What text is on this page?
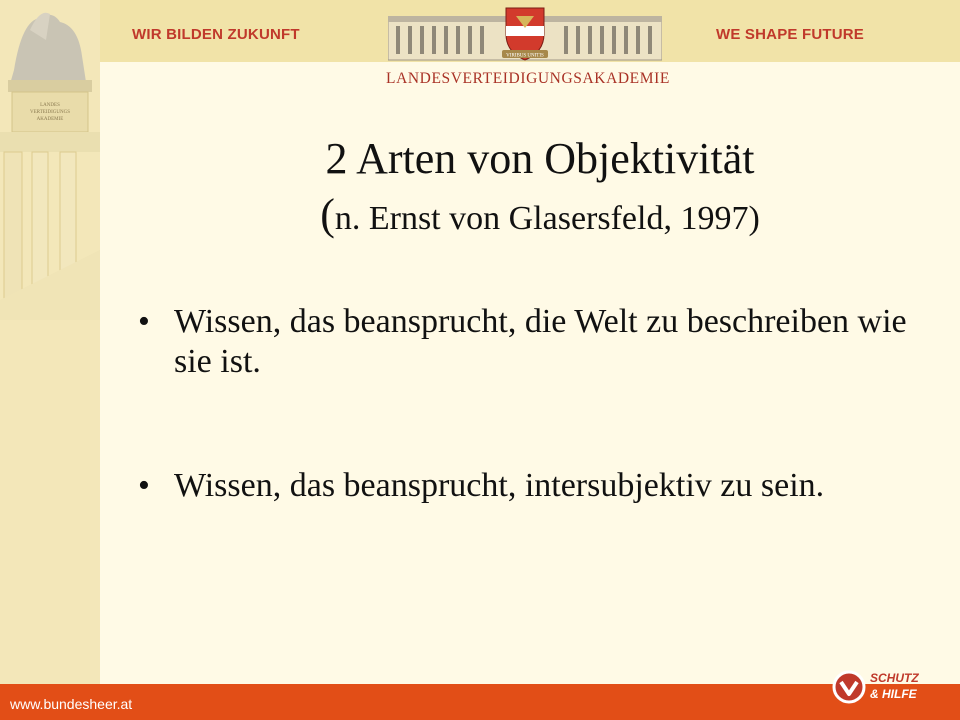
LANDES
VERTEIDIGUNGS
AKADEMIE
WIR BILDEN ZUKUNFT	WE SHAPE FUTURE
VIRIBUS UNITIS
LANDESVERTEIDIGUNGSAKADEMIE
2 Arten von Objektivität
(n. Ernst von Glasersfeld, 1997)
• Wissen, das beansprucht, die Welt zu beschreiben wie sie ist.
• Wissen, das beansprucht, intersubjektiv zu sein.
www.bundesheer.at
SCHUTZ
& HILFE
